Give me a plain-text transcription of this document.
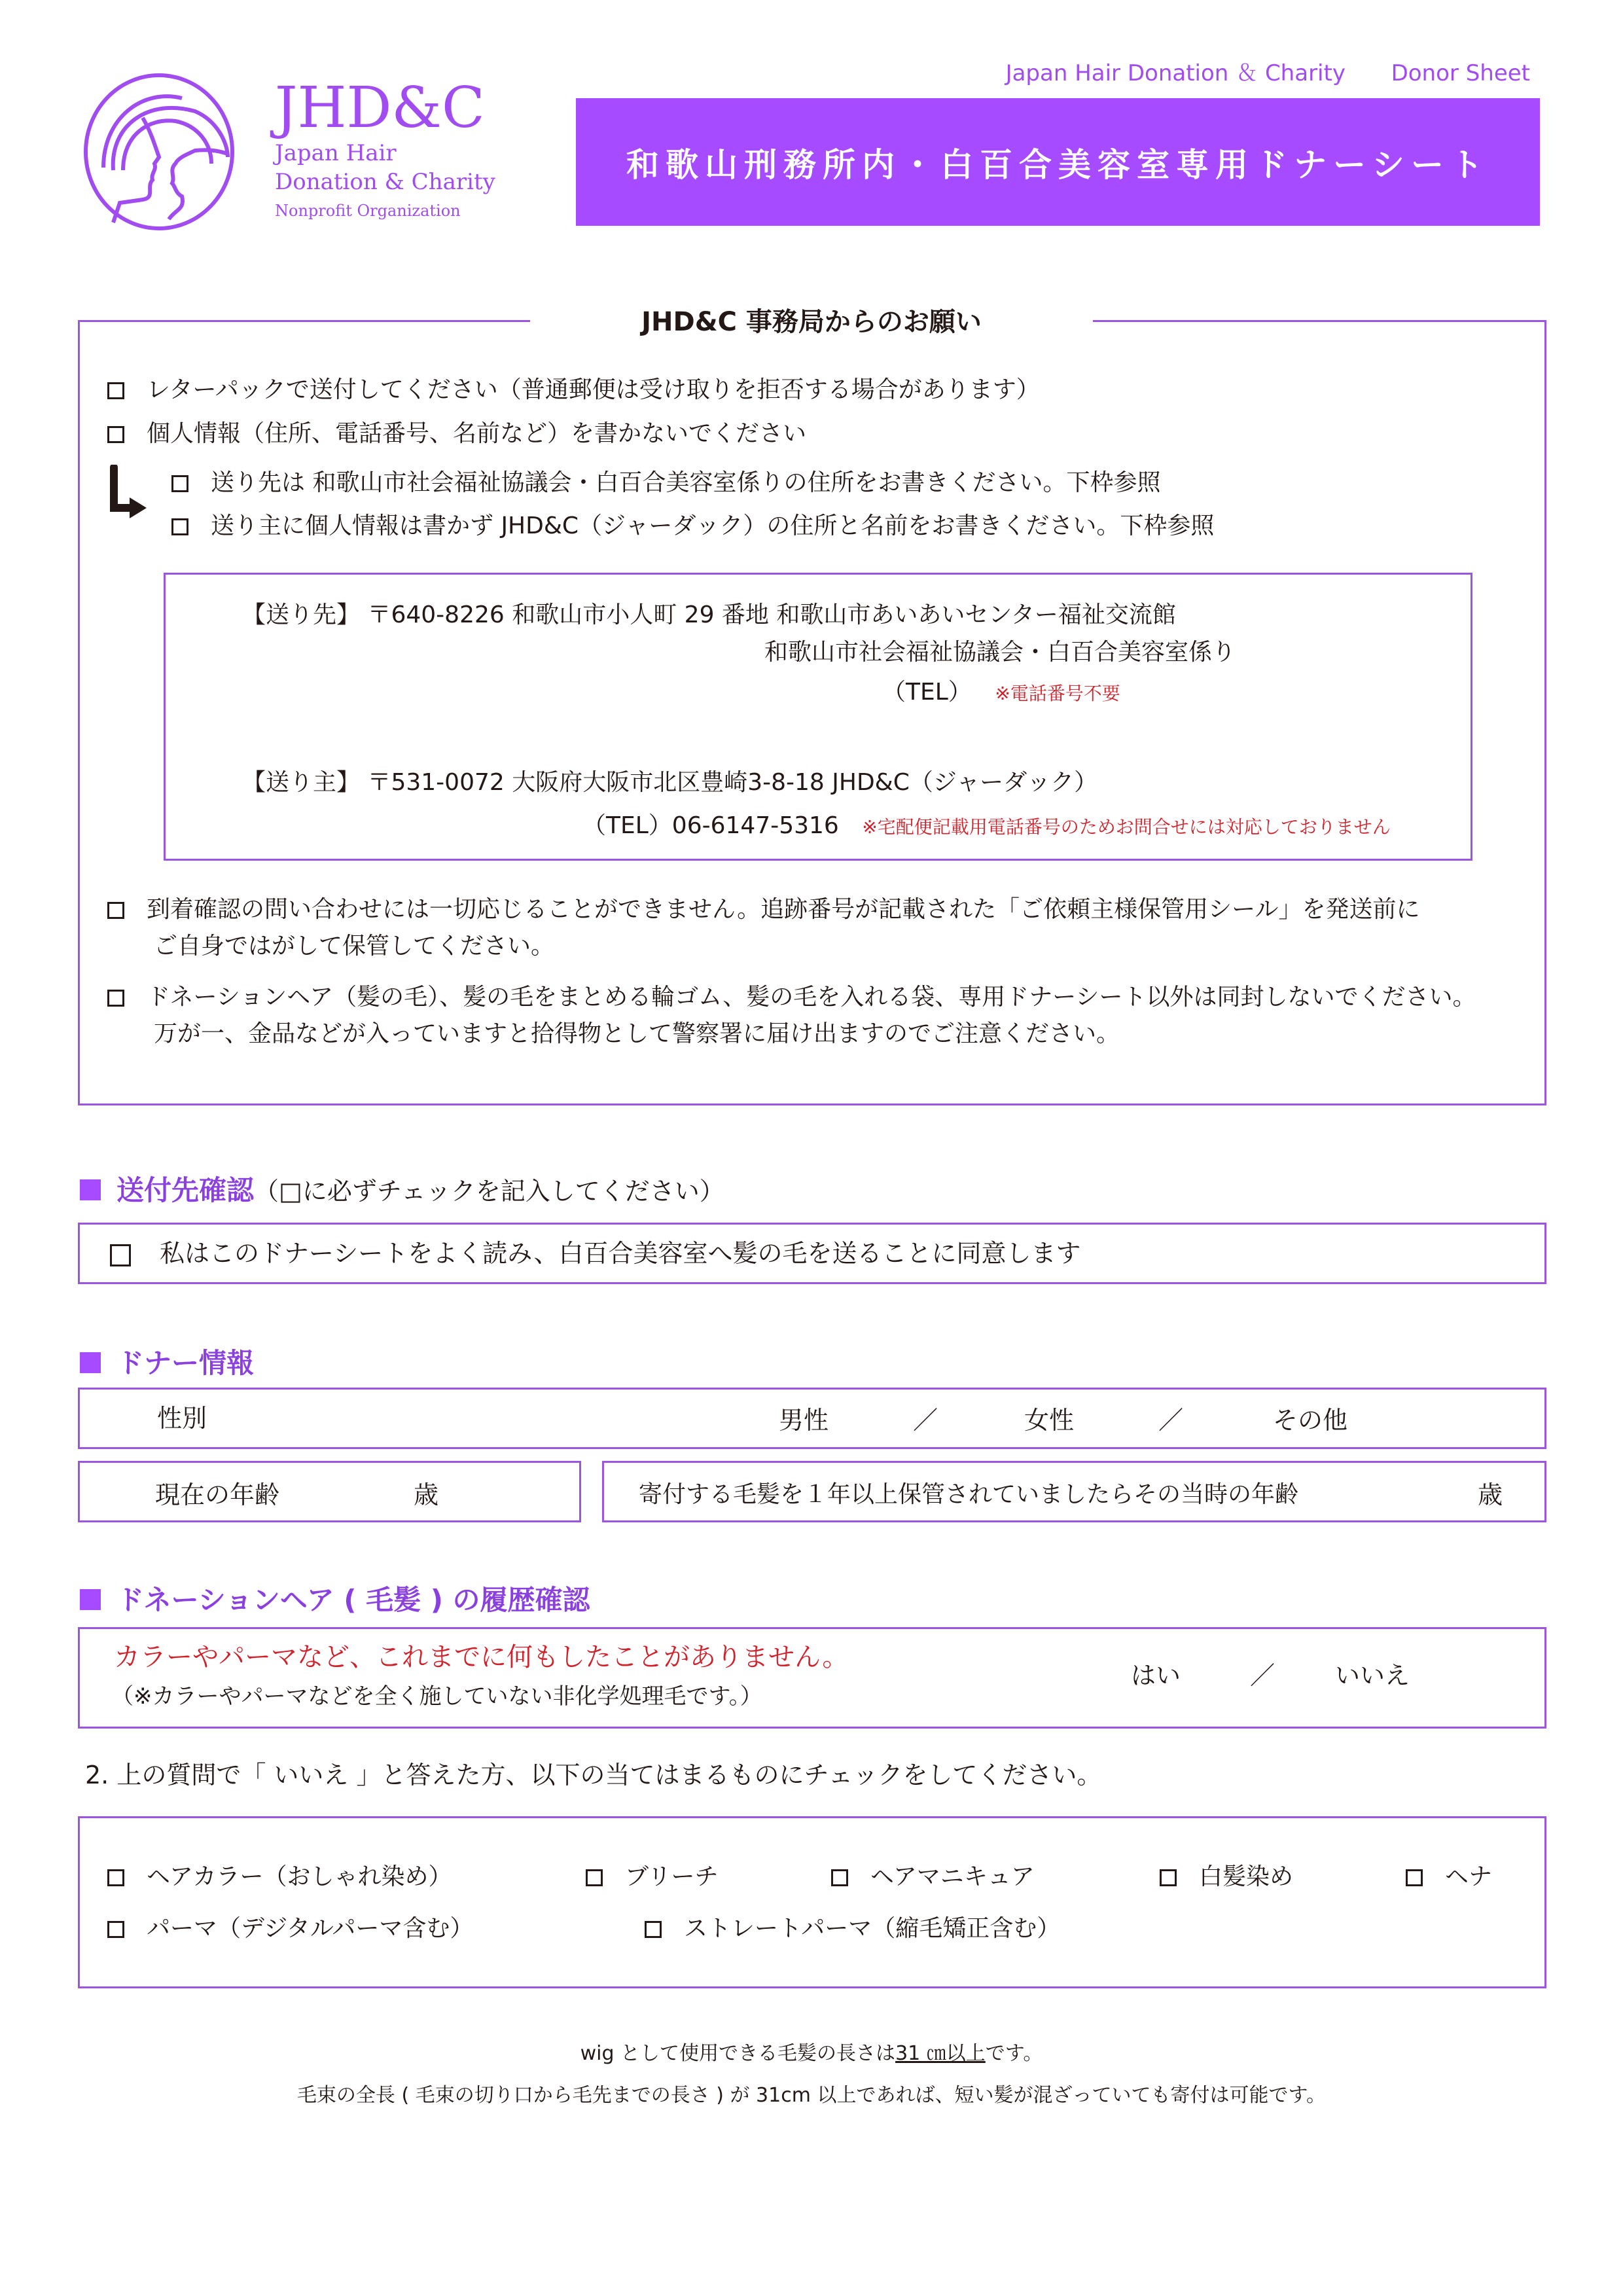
JHD&C
Japan Hair
Donation & Charity
Nonprofit Organization
Japan Hair Donation ＆ Charity Donor Sheet
和歌山刑務所内・白百合美容室専用ドナーシート
JHD&C 事務局からのお願い
レターパックで送付してください（普通郵便は受け取りを拒否する場合があります）
個人情報（住所、電話番号、名前など）を書かないでください
送り先は 和歌山市社会福祉協議会・白百合美容室係りの住所をお書きください。下枠参照
送り主に個人情報は書かず JHD&C（ジャーダック）の住所と名前をお書きください。下枠参照
【送り先】 〒640-8226 和歌山市小人町 29 番地 和歌山市あいあいセンター福祉交流館
和歌山市社会福祉協議会・白百合美容室係り
（TEL） ※電話番号不要
【送り主】 〒531-0072 大阪府大阪市北区豊崎3-8-18 JHD&C（ジャーダック）
（TEL）06-6147-5316 ※宅配便記載用電話番号のためお問合せには対応しておりません
到着確認の問い合わせには一切応じることができません。追跡番号が記載された「ご依頼主様保管用シール」を発送前に
ご自身ではがして保管してください。
ドネーションヘア（髪の毛）、髪の毛をまとめる輪ゴム、髪の毛を入れる袋、専用ドナーシート以外は同封しないでください。
万が一、金品などが入っていますと拾得物として警察署に届け出ますのでご注意ください。
送付先確認（□に必ずチェックを記入してください）
私はこのドナーシートをよく読み、白百合美容室へ髪の毛を送ることに同意します
ドナー情報
性別	男性	／	女性	／	その他
現在の年齢	歳	寄付する毛髪を１年以上保管されていましたらその当時の年齢	歳
ドネーションヘア ( 毛髪 ) の履歴確認
カラーやパーマなど、これまでに何もしたことがありません。
（※カラーやパーマなどを全く施していない非化学処理毛です。）
はい	／ いいえ
2. 上の質問で「 いいえ 」と答えた方、以下の当てはまるものにチェックをしてください。
ヘアカラー（おしゃれ染め）	ブリーチ	ヘアマニキュア	白髪染め	ヘナ
パーマ（デジタルパーマ含む）	ストレートパーマ（縮毛矯正含む）
wig として使用できる毛髪の長さは31 ㎝以上です。
毛束の全長 ( 毛束の切り口から毛先までの長さ ) が 31cm 以上であれば、短い髪が混ざっていても寄付は可能です。
